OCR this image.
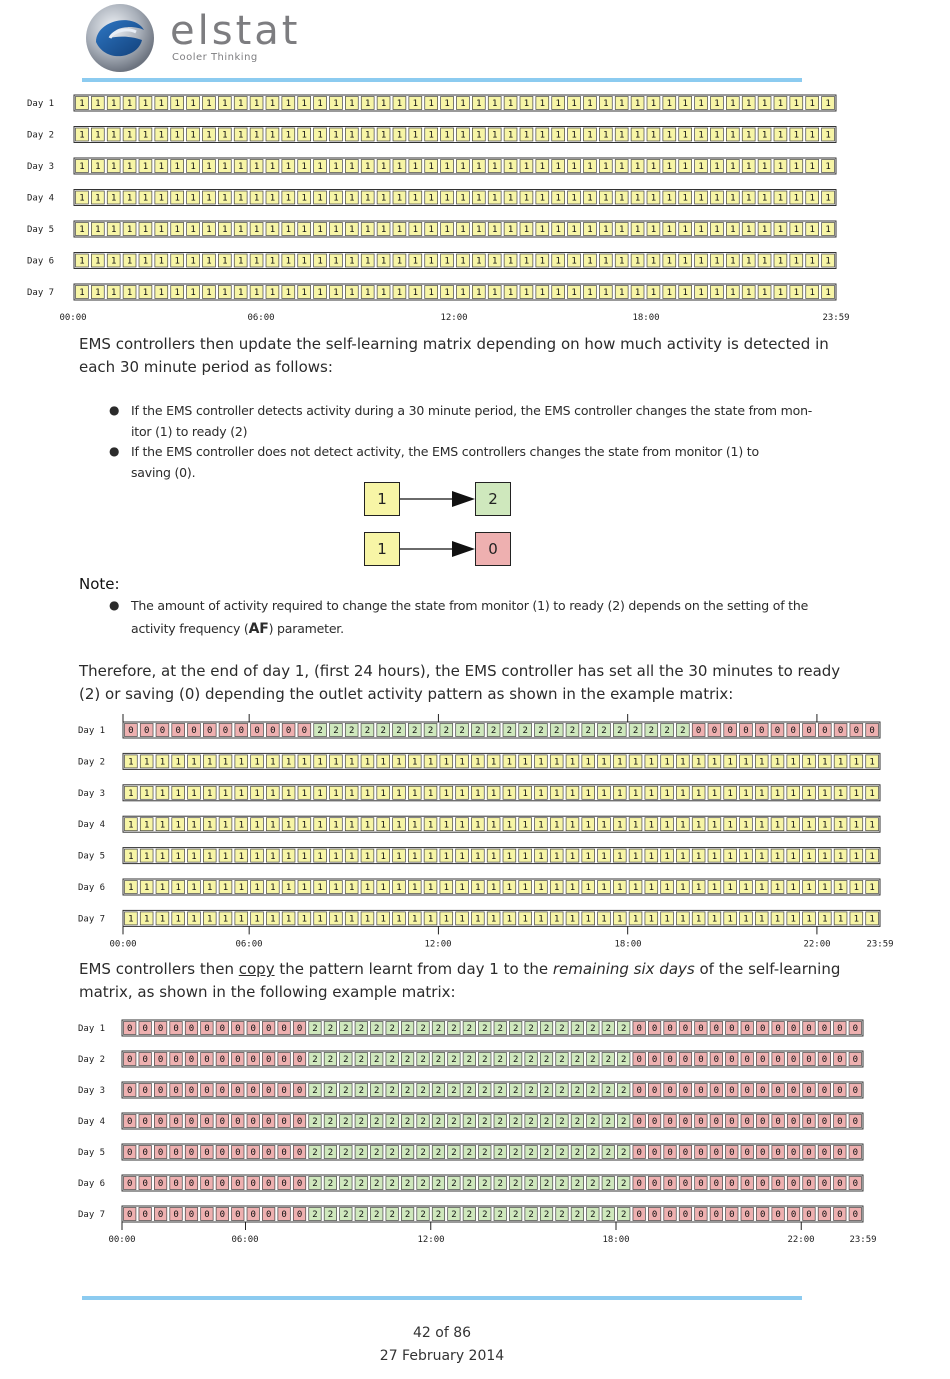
elstat
Cooler Thinking
Day 1	1 1 1 1 1 1 1 1 1 1 1 1 1 1 1 1 1 1 1 1 1 1 1 1 1 1 1 1 1 1 1 1 1 1 1 1 1 1 1 1 1 1 1 1 1 1 1 1
Day 2	1 1 1 1 1 1 1 1 1 1 1 1 1 1 1 1 1 1 1 1 1 1 1 1 1 1 1 1 1 1 1 1 1 1 1 1 1 1 1 1 1 1 1 1 1 1 1 1
Day 3	1 1 1 1 1 1 1 1 1 1 1 1 1 1 1 1 1 1 1 1 1 1 1 1 1 1 1 1 1 1 1 1 1 1 1 1 1 1 1 1 1 1 1 1 1 1 1 1
Day 4	1 1 1 1 1 1 1 1 1 1 1 1 1 1 1 1 1 1 1 1 1 1 1 1 1 1 1 1 1 1 1 1 1 1 1 1 1 1 1 1 1 1 1 1 1 1 1 1
Day 5	1 1 1 1 1 1 1 1 1 1 1 1 1 1 1 1 1 1 1 1 1 1 1 1 1 1 1 1 1 1 1 1 1 1 1 1 1 1 1 1 1 1 1 1 1 1 1 1
Day 6	1 1 1 1 1 1 1 1 1 1 1 1 1 1 1 1 1 1 1 1 1 1 1 1 1 1 1 1 1 1 1 1 1 1 1 1 1 1 1 1 1 1 1 1 1 1 1 1
Day 7	1 1 1 1 1 1 1 1 1 1 1 1 1 1 1 1 1 1 1 1 1 1 1 1 1 1 1 1 1 1 1 1 1 1 1 1 1 1 1 1 1 1 1 1 1 1 1 1
00:00	06:00	12:00	18:00	23:59
EMS controllers then update the self-learning matrix depending on how much activity is detected in
each 30 minute period as follows:
● If the EMS controller detects activity during a 30 minute period, the EMS controller changes the state from mon-
itor (1) to ready (2)
● If the EMS controller does not detect activity, the EMS controllers changes the state from monitor (1) to
saving (0).
1	2
1	0
Note:
● The amount of activity required to change the state from monitor (1) to ready (2) depends on the setting of the
activity frequency (AF) parameter.
Therefore, at the end of day 1, (first 24 hours), the EMS controller has set all the 30 minutes to ready
(2) or saving (0) depending the outlet activity pattern as shown in the example matrix:
Day 1	0 0 0 0 0 0 0 0 0 0 0 0 2 2 2 2 2 2 2 2 2 2 2 2 2 2 2 2 2 2 2 2 2 2 2 2 0 0 0 0 0 0 0 0 0 0 0 0
Day 2	1 1 1 1 1 1 1 1 1 1 1 1 1 1 1 1 1 1 1 1 1 1 1 1 1 1 1 1 1 1 1 1 1 1 1 1 1 1 1 1 1 1 1 1 1 1 1 1
Day 3	1 1 1 1 1 1 1 1 1 1 1 1 1 1 1 1 1 1 1 1 1 1 1 1 1 1 1 1 1 1 1 1 1 1 1 1 1 1 1 1 1 1 1 1 1 1 1 1
Day 4	1 1 1 1 1 1 1 1 1 1 1 1 1 1 1 1 1 1 1 1 1 1 1 1 1 1 1 1 1 1 1 1 1 1 1 1 1 1 1 1 1 1 1 1 1 1 1 1
Day 5	1 1 1 1 1 1 1 1 1 1 1 1 1 1 1 1 1 1 1 1 1 1 1 1 1 1 1 1 1 1 1 1 1 1 1 1 1 1 1 1 1 1 1 1 1 1 1 1
Day 6	1 1 1 1 1 1 1 1 1 1 1 1 1 1 1 1 1 1 1 1 1 1 1 1 1 1 1 1 1 1 1 1 1 1 1 1 1 1 1 1 1 1 1 1 1 1 1 1
Day 7	1 1 1 1 1 1 1 1 1 1 1 1 1 1 1 1 1 1 1 1 1 1 1 1 1 1 1 1 1 1 1 1 1 1 1 1 1 1 1 1 1 1 1 1 1 1 1 1
00:00	06:00	12:00	18:00	22:00	23:59
EMS controllers then copy the pattern learnt from day 1 to the remaining six days of the self-learning
matrix, as shown in the following example matrix:
Day 1 0 0 0 0 0 0 0 0 0 0 0 0 2 2 2 2 2 2 2 2 2 2 2 2 2 2 2 2 2 2 2 2 2 0 0 0 0 0 0 0 0 0 0 0 0 0 0 0
Day 2 0 0 0 0 0 0 0 0 0 0 0 0 2 2 2 2 2 2 2 2 2 2 2 2 2 2 2 2 2 2 2 2 2 0 0 0 0 0 0 0 0 0 0 0 0 0 0 0
Day 3 0 0 0 0 0 0 0 0 0 0 0 0 2 2 2 2 2 2 2 2 2 2 2 2 2 2 2 2 2 2 2 2 2 0 0 0 0 0 0 0 0 0 0 0 0 0 0 0
Day 4 0 0 0 0 0 0 0 0 0 0 0 0 2 2 2 2 2 2 2 2 2 2 2 2 2 2 2 2 2 2 2 2 2 0 0 0 0 0 0 0 0 0 0 0 0 0 0 0
Day 5 0 0 0 0 0 0 0 0 0 0 0 0 2 2 2 2 2 2 2 2 2 2 2 2 2 2 2 2 2 2 2 2 2 0 0 0 0 0 0 0 0 0 0 0 0 0 0 0
Day 6 0 0 0 0 0 0 0 0 0 0 0 0 2 2 2 2 2 2 2 2 2 2 2 2 2 2 2 2 2 2 2 2 2 0 0 0 0 0 0 0 0 0 0 0 0 0 0 0
Day 7 0 0 0 0 0 0 0 0 0 0 0 0 2 2 2 2 2 2 2 2 2 2 2 2 2 2 2 2 2 2 2 2 2 0 0 0 0 0 0 0 0 0 0 0 0 0 0 0
00:00	06:00	12:00	18:00	22:00	23:59
42 of 86
27 February 2014
